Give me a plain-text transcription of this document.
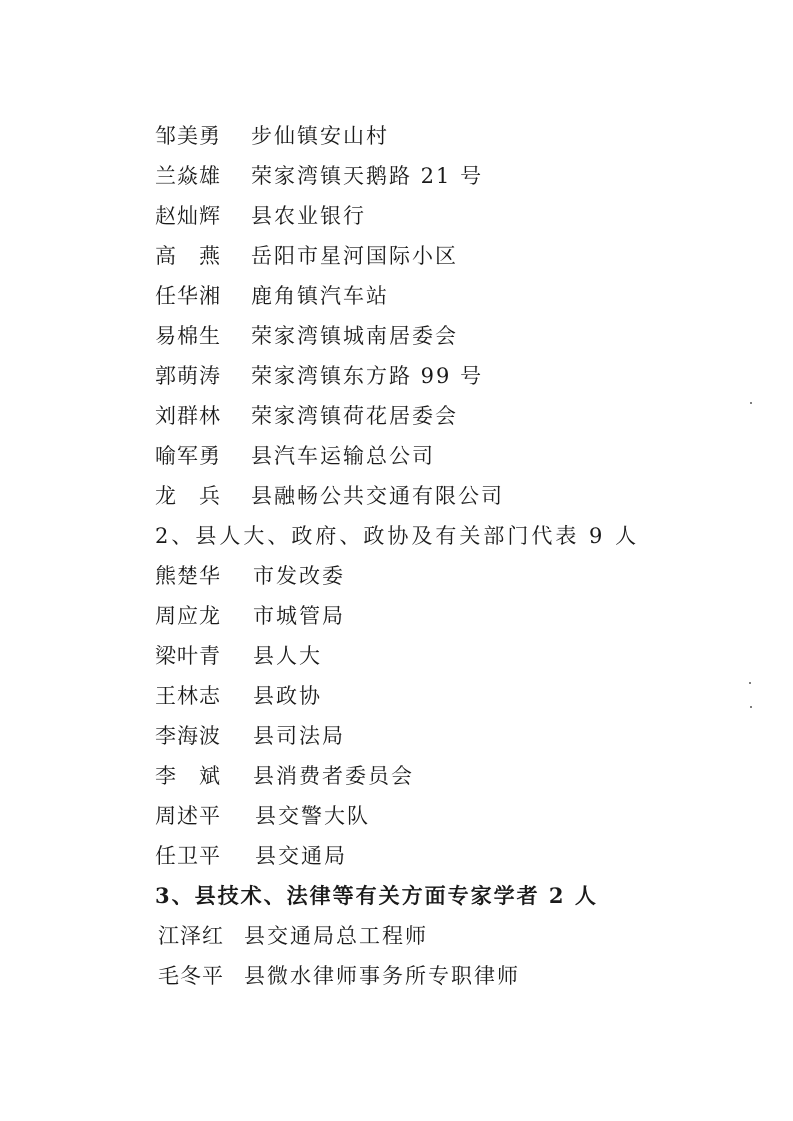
邹美勇 步仙镇安山村
兰焱雄 荣家湾镇天鹅路 21 号
赵灿辉 县农业银行
高　燕 岳阳市星河国际小区
任华湘 鹿角镇汽车站
易棉生 荣家湾镇城南居委会
郭萌涛 荣家湾镇东方路 99 号
刘群林 荣家湾镇荷花居委会
喻军勇 县汽车运输总公司
龙　兵 县融畅公共交通有限公司
2、县人大、政府、政协及有关部门代表 9 人
熊楚华 市发改委
周应龙 市城管局
梁叶青 县人大
王林志 县政协
李海波 县司法局
李　斌 县消费者委员会
周述平 县交警大队
任卫平 县交通局
3、县技术、法律等有关方面专家学者 2 人
江泽红 县交通局总工程师
毛冬平 县微水律师事务所专职律师
